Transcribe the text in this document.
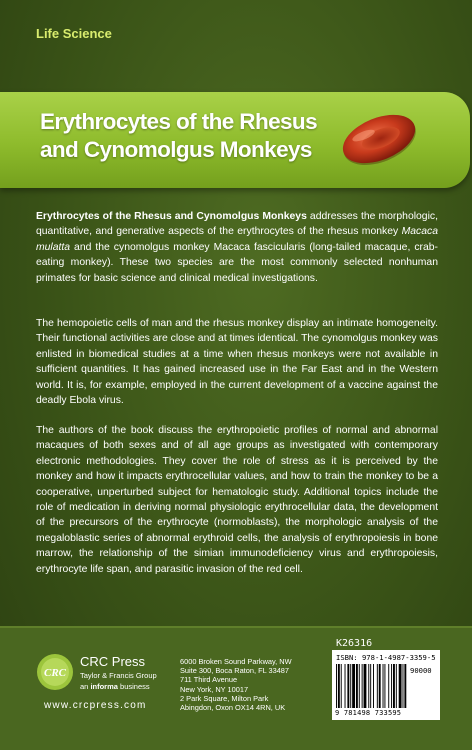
Life Science
Erythrocytes of the Rhesus
and Cynomolgus Monkeys
Erythrocytes of the Rhesus and Cynomolgus Monkeys addresses the morphologic, quantitative, and generative aspects of the erythrocytes of the rhesus monkey Macaca mulatta and the cynomolgus monkey Macaca fascicularis (long-tailed macaque, crab-eating monkey). These two species are the most commonly selected nonhuman primates for basic science and clinical medical investigations.
The hemopoietic cells of man and the rhesus monkey display an intimate homogeneity. Their functional activities are close and at times identical. The cynomolgus monkey was enlisted in biomedical studies at a time when rhesus monkeys were not available in sufficient quantities. It has gained increased use in the Far East and in the Western world. It is, for example, employed in the current development of a vaccine against the deadly Ebola virus.
The authors of the book discuss the erythropoietic profiles of normal and abnormal macaques of both sexes and of all age groups as investigated with contemporary electronic methodologies. They cover the role of stress as it is perceived by the monkey and how it impacts erythrocellular values, and how to train the monkey to be a cooperative, unperturbed subject for hematologic study. Additional topics include the role of medication in deriving normal physiologic erythrocellular data, the development of the precursors of the erythrocyte (normoblasts), the morphologic analysis of the megaloblastic series of abnormal erythroid cells, the analysis of erythropoiesis in bone marrow, the relationship of the simian immunodeficiency virus and erythropoiesis, erythrocyte life span, and parasitic invasion of the red cell.
CRC
CRC Press
Taylor & Francis Group
an informa business
www.crcpress.com
6000 Broken Sound Parkway, NW
Suite 300, Boca Raton, FL 33487
711 Third Avenue
New York, NY 10017
2 Park Square, Milton Park
Abingdon, Oxon OX14 4RN, UK
K26316
ISBN: 978-1-4987-3359-5
90000
9 781498 733595
